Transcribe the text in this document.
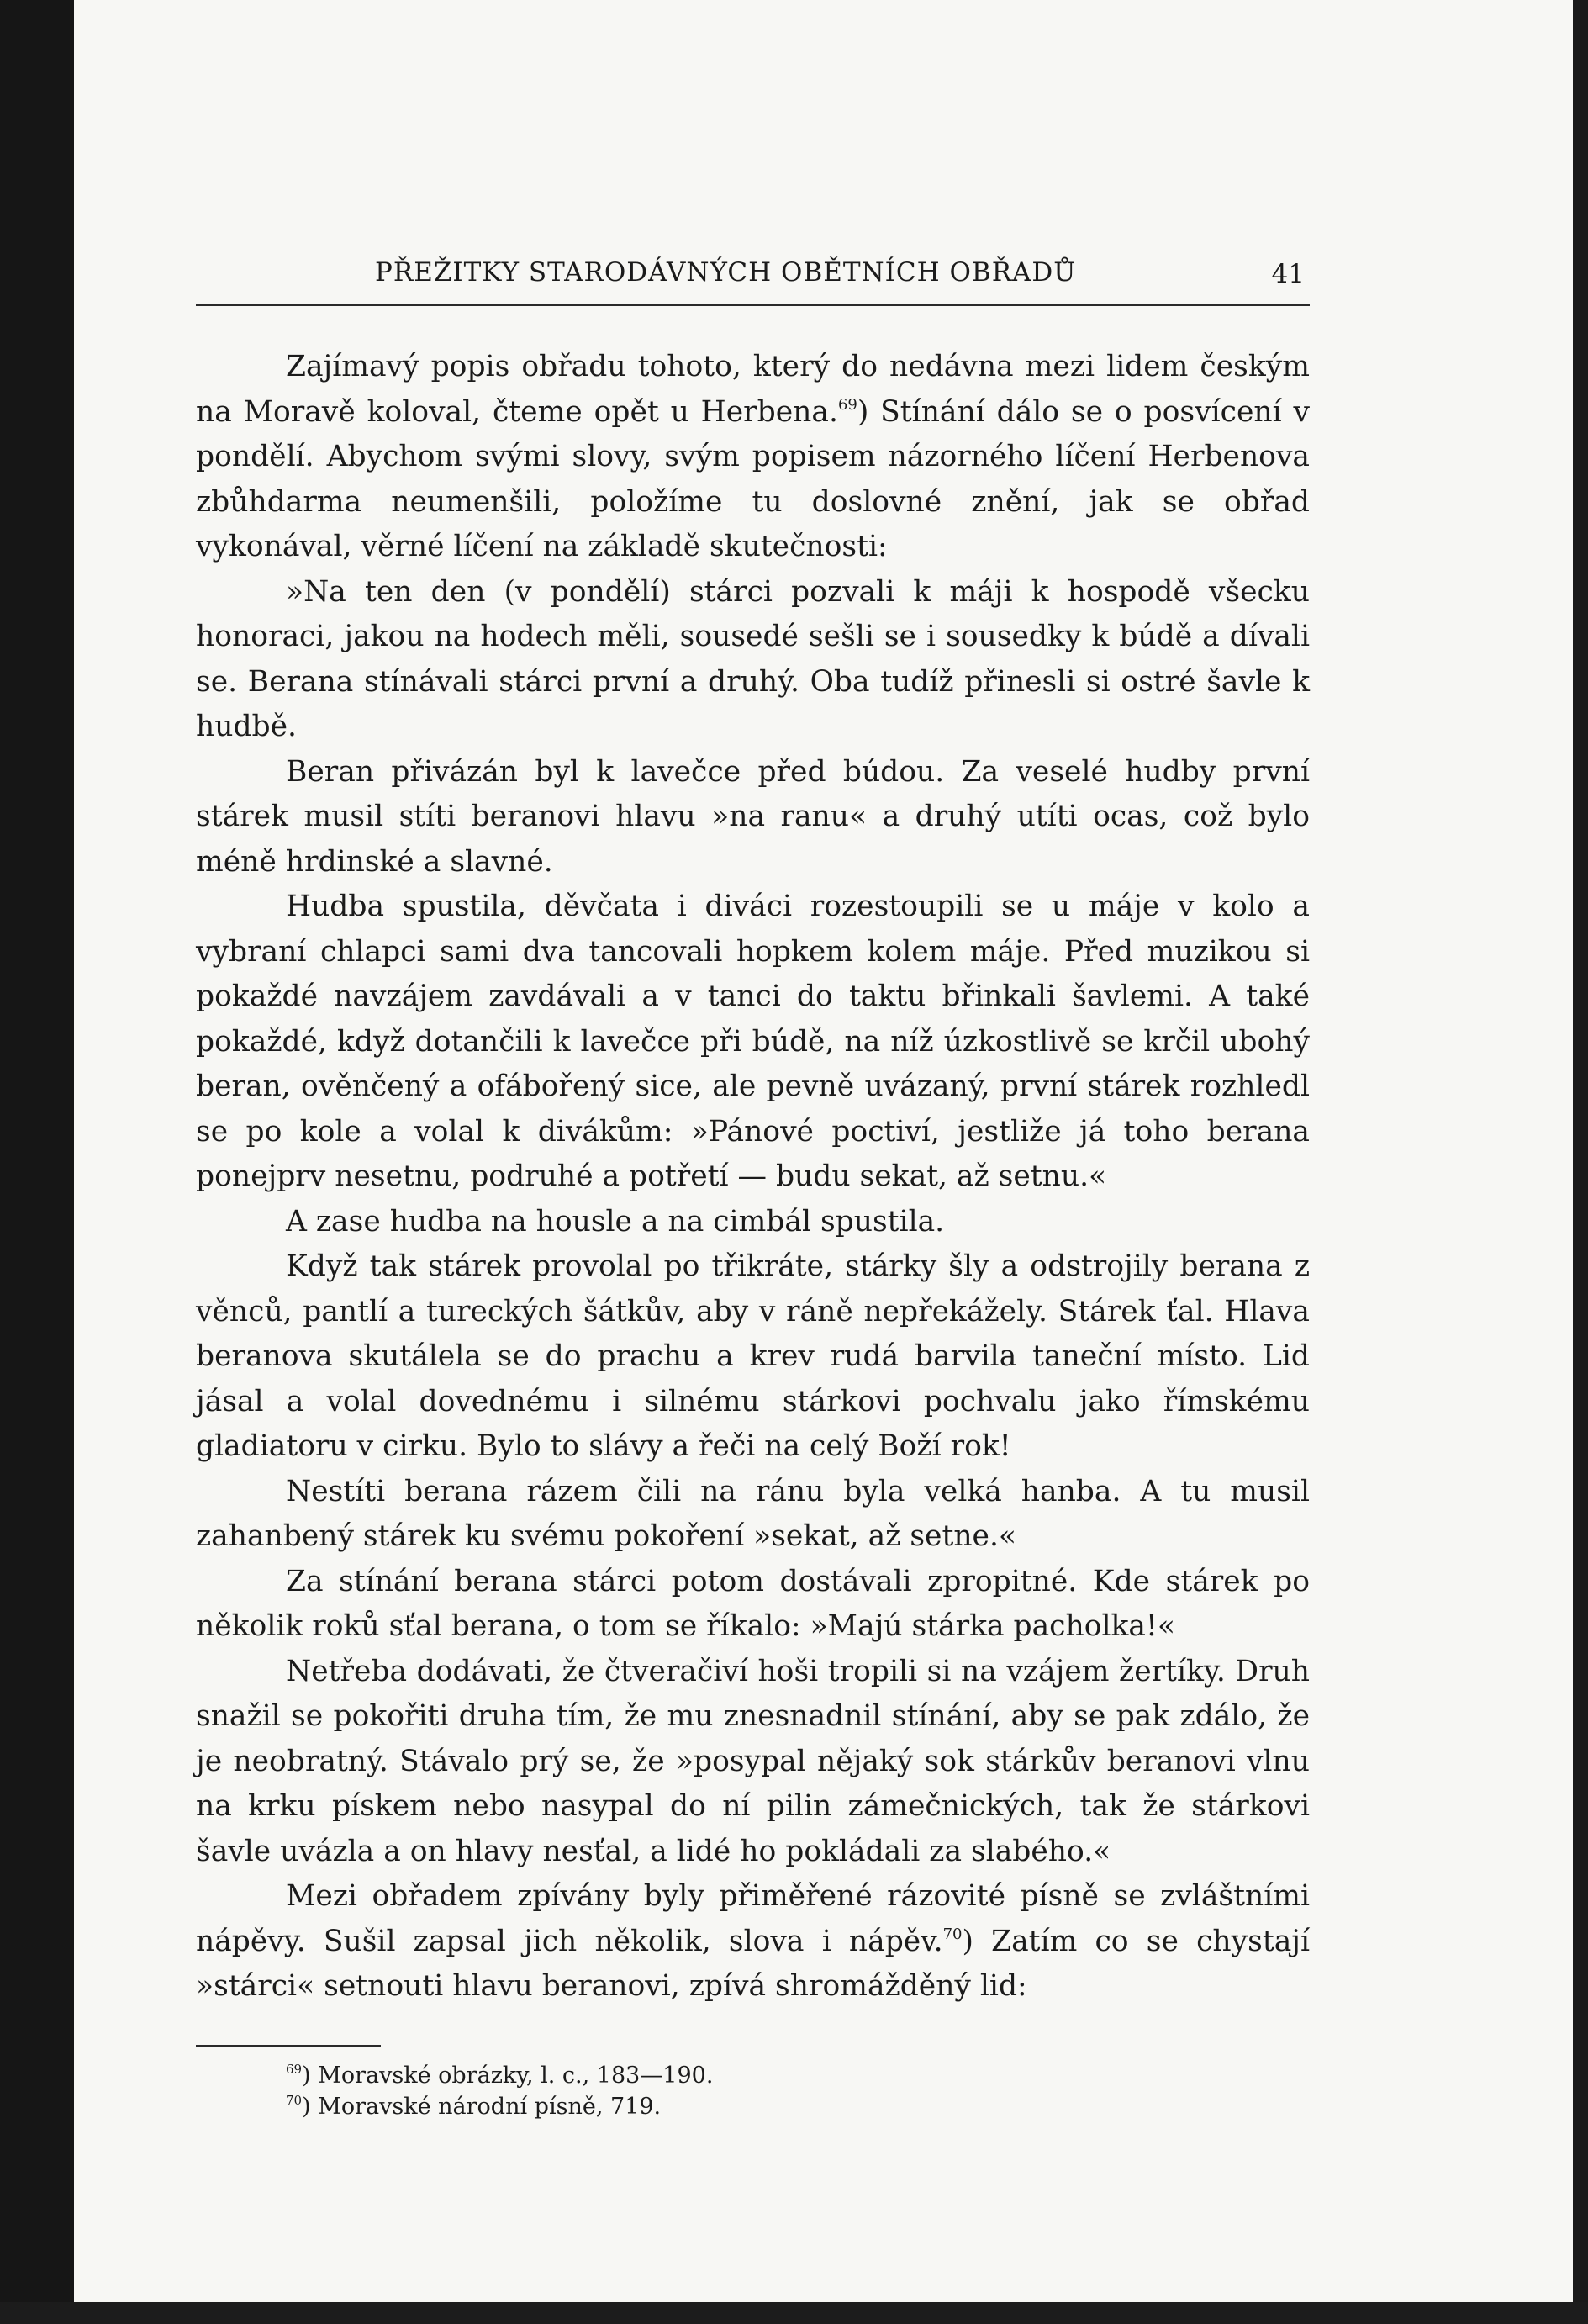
PŘEŽITKY STARODÁVNÝCH OBĚTNÍCH OBŘADŮ	41

Zajímavý popis obřadu tohoto, který do nedávna mezi lidem českým na Moravě koloval, čteme opět u Herbena.$^{69}$) Stínání dálo se o posvícení v pondělí. Abychom svými slovy, svým popisem názorného líčení Herbenova zbůhdarma neumenšili, položíme tu doslovné znění, jak se obřad vykonával, věrné líčení na základě skutečnosti:

»Na ten den (v pondělí) stárci pozvali k máji k hospodě všecku honoraci, jakou na hodech měli, sousedé sešli se i sousedky k búdě a dívali se. Berana stínávali stárci první a druhý. Oba tudíž přinesli si ostré šavle k hudbě.

Beran přivázán byl k lavečce před búdou. Za veselé hudby první stárek musil stíti beranovi hlavu »na ranu« a druhý utíti ocas, což bylo méně hrdinské a slavné.

Hudba spustila, děvčata i diváci rozestoupili se u máje v kolo a vybraní chlapci sami dva tancovali hopkem kolem máje. Před muzikou si pokaždé navzájem zavdávali a v tanci do taktu břinkali šavlemi. A také pokaždé, když dotančili k lavečce při búdě, na níž úzkostlivě se krčil ubohý beran, ověnčený a ofábořený sice, ale pevně uvázaný, první stárek rozhledl se po kole a volal k divákům: »Pánové poctiví, jestliže já toho berana ponejprv nesetnu, podruhé a potřetí — budu sekat, až setnu.«

A zase hudba na housle a na cimbál spustila.

Když tak stárek provolal po třikráte, stárky šly a odstrojily berana z věnců, pantlí a tureckých šátkův, aby v ráně nepřekážely. Stárek ťal. Hlava beranova skutálela se do prachu a krev rudá barvila taneční místo. Lid jásal a volal dovednému i silnému stárkovi pochvalu jako římskému gladiatoru v cirku. Bylo to slávy a řeči na celý Boží rok!

Nestíti berana rázem čili na ránu byla velká hanba. A tu musil zahanbený stárek ku svému pokoření »sekat, až setne.«

Za stínání berana stárci potom dostávali zpropitné. Kde stárek po několik roků sťal berana, o tom se říkalo: »Majú stárka pacholka!«

Netřeba dodávati, že čtveračiví hoši tropili si na vzájem žertíky. Druh snažil se pokořiti druha tím, že mu znesnadnil stínání, aby se pak zdálo, že je neobratný. Stávalo prý se, že »posypal nějaký sok stárkův beranovi vlnu na krku pískem nebo nasypal do ní pilin zámečnických, tak že stárkovi šavle uvázla a on hlavy nesťal, a lidé ho pokládali za slabého.«

Mezi obřadem zpívány byly přiměřené rázovité písně se zvláštními nápěvy. Sušil zapsal jich několik, slova i nápěv.$^{70}$) Zatím co se chystají »stárci« setnouti hlavu beranovi, zpívá shromážděný lid:

$^{69}$) Moravské obrázky, l. c., 183—190.
$^{70}$) Moravské národní písně, 719.
